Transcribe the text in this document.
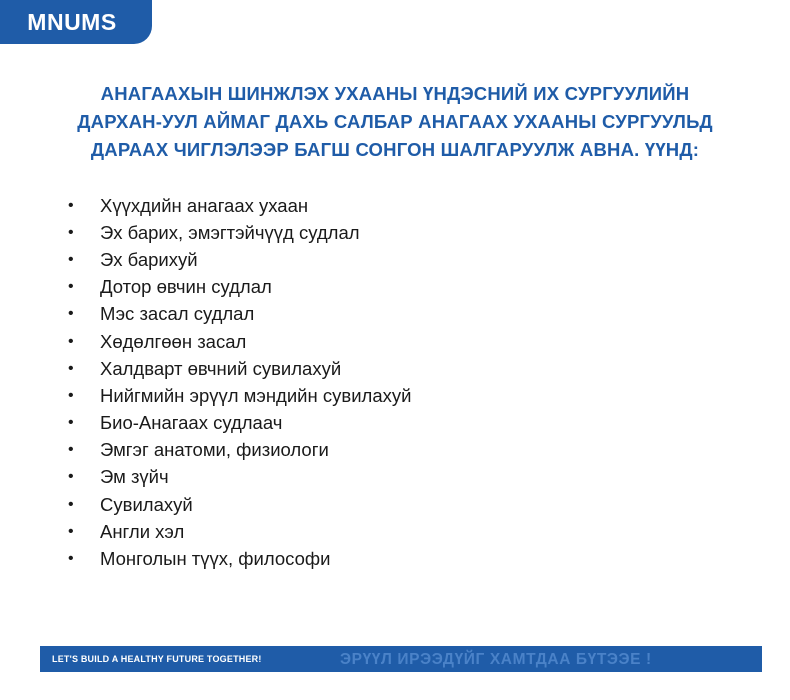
MNUMS
АНАГААХЫН ШИНЖЛЭХ УХААНЫ ҮНДЭСНИЙ ИХ СУРГУУЛИЙН
ДАРХАН-УУЛ АЙМАГ ДАХЬ САЛБАР АНАГААХ УХААНЫ СУРГУУЛЬД
ДАРААХ ЧИГЛЭЛЭЭР БАГШ СОНГОН ШАЛГАРУУЛЖ АВНА. ҮҮНД:
•	Хүүхдийн анагаах ухаан
•	Эх барих, эмэгтэйчүүд судлал
•	Эх барихуй
•	Дотор өвчин судлал
•	Мэс засал судлал
•	Хөдөлгөөн засал
•	Халдварт өвчний сувилахуй
•	Нийгмийн эрүүл мэндийн сувилахуй
•	Био-Анагаах судлаач
•	Эмгэг анатоми, физиологи
•	Эм зүйч
•	Сувилахуй
•	Англи хэл
•	Монголын түүх, философи
LET'S BUILD A HEALTHY FUTURE TOGETHER!	ЭРҮҮЛ ИРЭЭДҮЙГ ХАМТДАА БҮТЭЭЕ !
